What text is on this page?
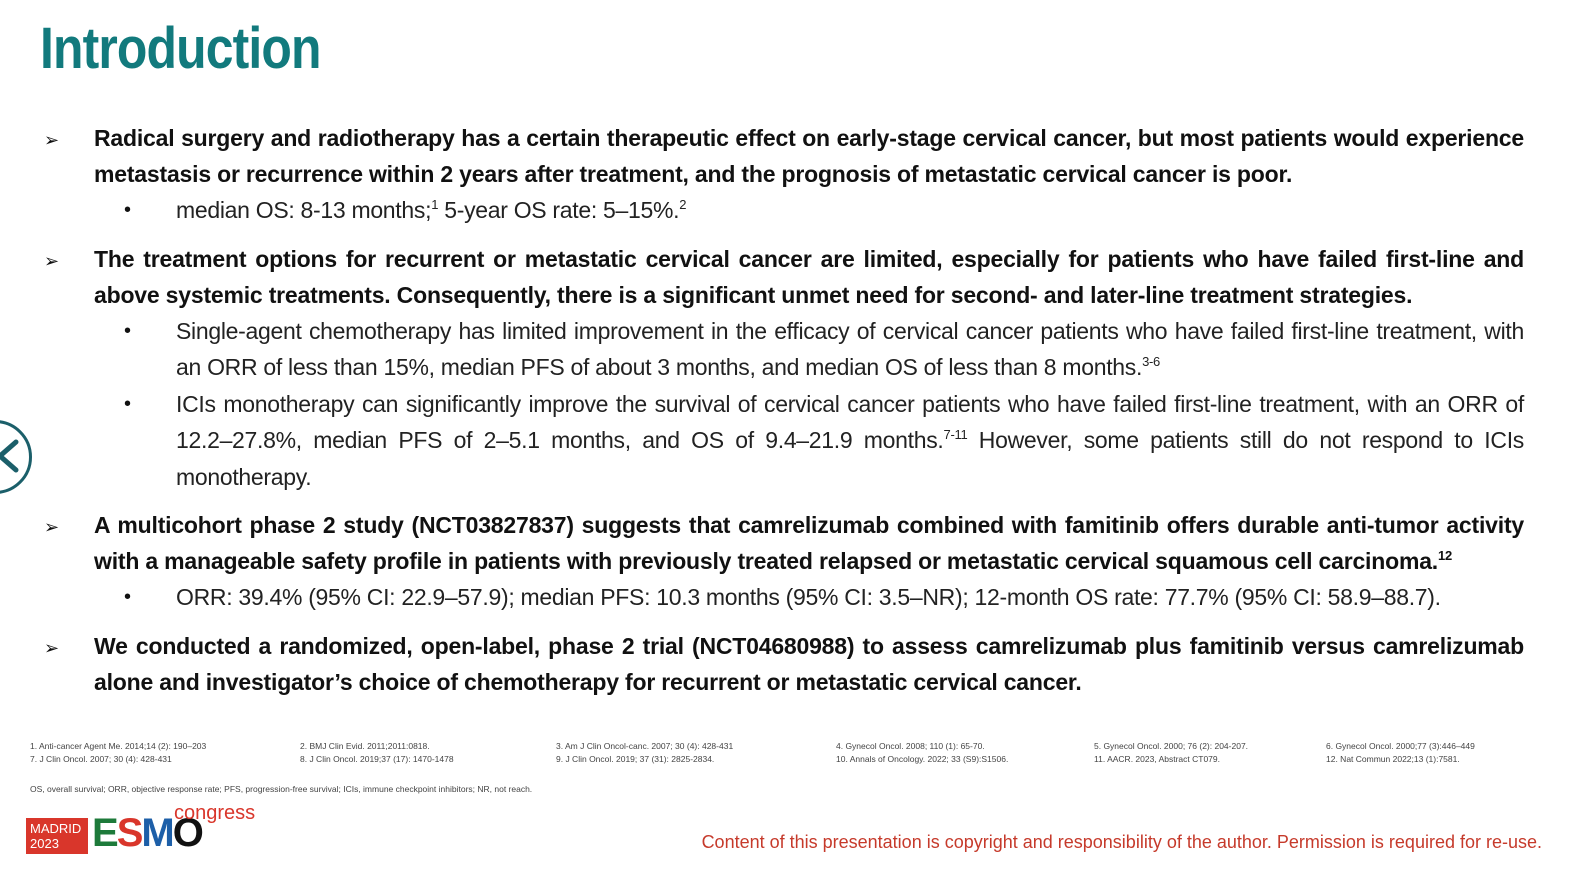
Introduction
➢ Radical surgery and radiotherapy has a certain therapeutic effect on early-stage cervical cancer, but most patients would experience metastasis or recurrence within 2 years after treatment, and the prognosis of metastatic cervical cancer is poor.
• median OS: 8-13 months;$^1$ 5-year OS rate: 5–15%.$^2$
➢ The treatment options for recurrent or metastatic cervical cancer are limited, especially for patients who have failed first-line and above systemic treatments. Consequently, there is a significant unmet need for second- and later-line treatment strategies.
• Single-agent chemotherapy has limited improvement in the efficacy of cervical cancer patients who have failed first-line treatment, with an ORR of less than 15%, median PFS of about 3 months, and median OS of less than 8 months.$^{3-6}$
• ICIs monotherapy can significantly improve the survival of cervical cancer patients who have failed first-line treatment, with an ORR of 12.2–27.8%, median PFS of 2–5.1 months, and OS of 9.4–21.9 months.$^{7-11}$ However, some patients still do not respond to ICIs monotherapy.
➢ A multicohort phase 2 study (NCT03827837) suggests that camrelizumab combined with famitinib offers durable anti-tumor activity with a manageable safety profile in patients with previously treated relapsed or metastatic cervical squamous cell carcinoma.$^{12}$
• ORR: 39.4% (95% CI: 22.9–57.9); median PFS: 10.3 months (95% CI: 3.5–NR); 12-month OS rate: 77.7% (95% CI: 58.9–88.7).
➢ We conducted a randomized, open-label, phase 2 trial (NCT04680988) to assess camrelizumab plus famitinib versus camrelizumab alone and investigator’s choice of chemotherapy for recurrent or metastatic cervical cancer.
1. Anti-cancer Agent Me. 2014;14 (2): 190–203
7. J Clin Oncol. 2007; 30 (4): 428-431
2. BMJ Clin Evid. 2011;2011:0818.
8. J Clin Oncol. 2019;37 (17): 1470-1478
3. Am J Clin Oncol-canc. 2007; 30 (4): 428-431
9. J Clin Oncol. 2019; 37 (31): 2825-2834.
4. Gynecol Oncol. 2008; 110 (1): 65-70.
10. Annals of Oncology. 2022; 33 (S9):S1506.
5. Gynecol Oncol. 2000; 76 (2): 204-207.
11. AACR. 2023, Abstract CT079.
6. Gynecol Oncol. 2000;77 (3):446–449
12. Nat Commun 2022;13 (1):7581.
OS, overall survival; ORR, objective response rate; PFS, progression-free survival; ICIs, immune checkpoint inhibitors; NR, not reach.
MADRID
2023 ESMO
congress
Content of this presentation is copyright and responsibility of the author. Permission is required for re-use.
